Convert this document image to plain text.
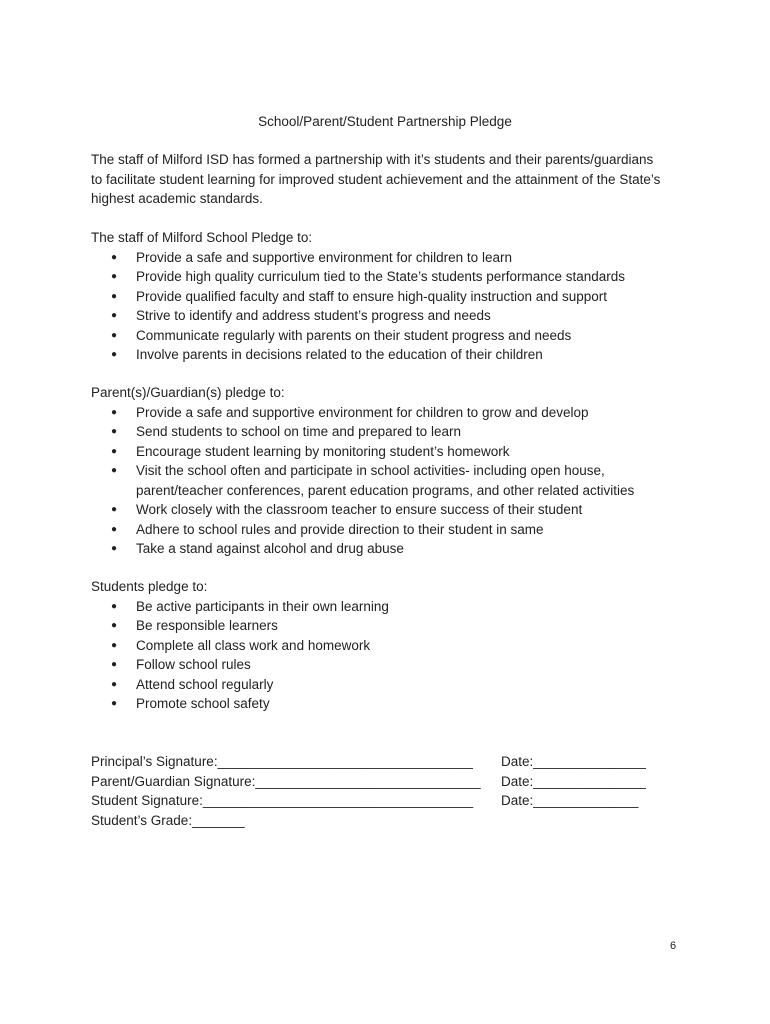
School/Parent/Student Partnership Pledge
The staff of Milford ISD has formed a partnership with it’s students and their parents/guardians to facilitate student learning for improved student achievement and the attainment of the State’s highest academic standards.
The staff of Milford School Pledge to:
● Provide a safe and supportive environment for children to learn
● Provide high quality curriculum tied to the State’s students performance standards
● Provide qualified faculty and staff to ensure high-quality instruction and support
● Strive to identify and address student’s progress and needs
● Communicate regularly with parents on their student progress and needs
● Involve parents in decisions related to the education of their children
Parent(s)/Guardian(s) pledge to:
● Provide a safe and supportive environment for children to grow and develop
● Send students to school on time and prepared to learn
● Encourage student learning by monitoring student’s homework
● Visit the school often and participate in school activities- including open house, parent/teacher conferences, parent education programs, and other related activities
● Work closely with the classroom teacher to ensure success of their student
● Adhere to school rules and provide direction to their student in same
● Take a stand against alcohol and drug abuse
Students pledge to:
● Be active participants in their own learning
● Be responsible learners
● Complete all class work and homework
● Follow school rules
● Attend school regularly
● Promote school safety
Principal’s Signature:__________________________________ Date:_______________
Parent/Guardian Signature:______________________________ Date:_______________
Student Signature:____________________________________ Date:______________
Student’s Grade:_______
6
